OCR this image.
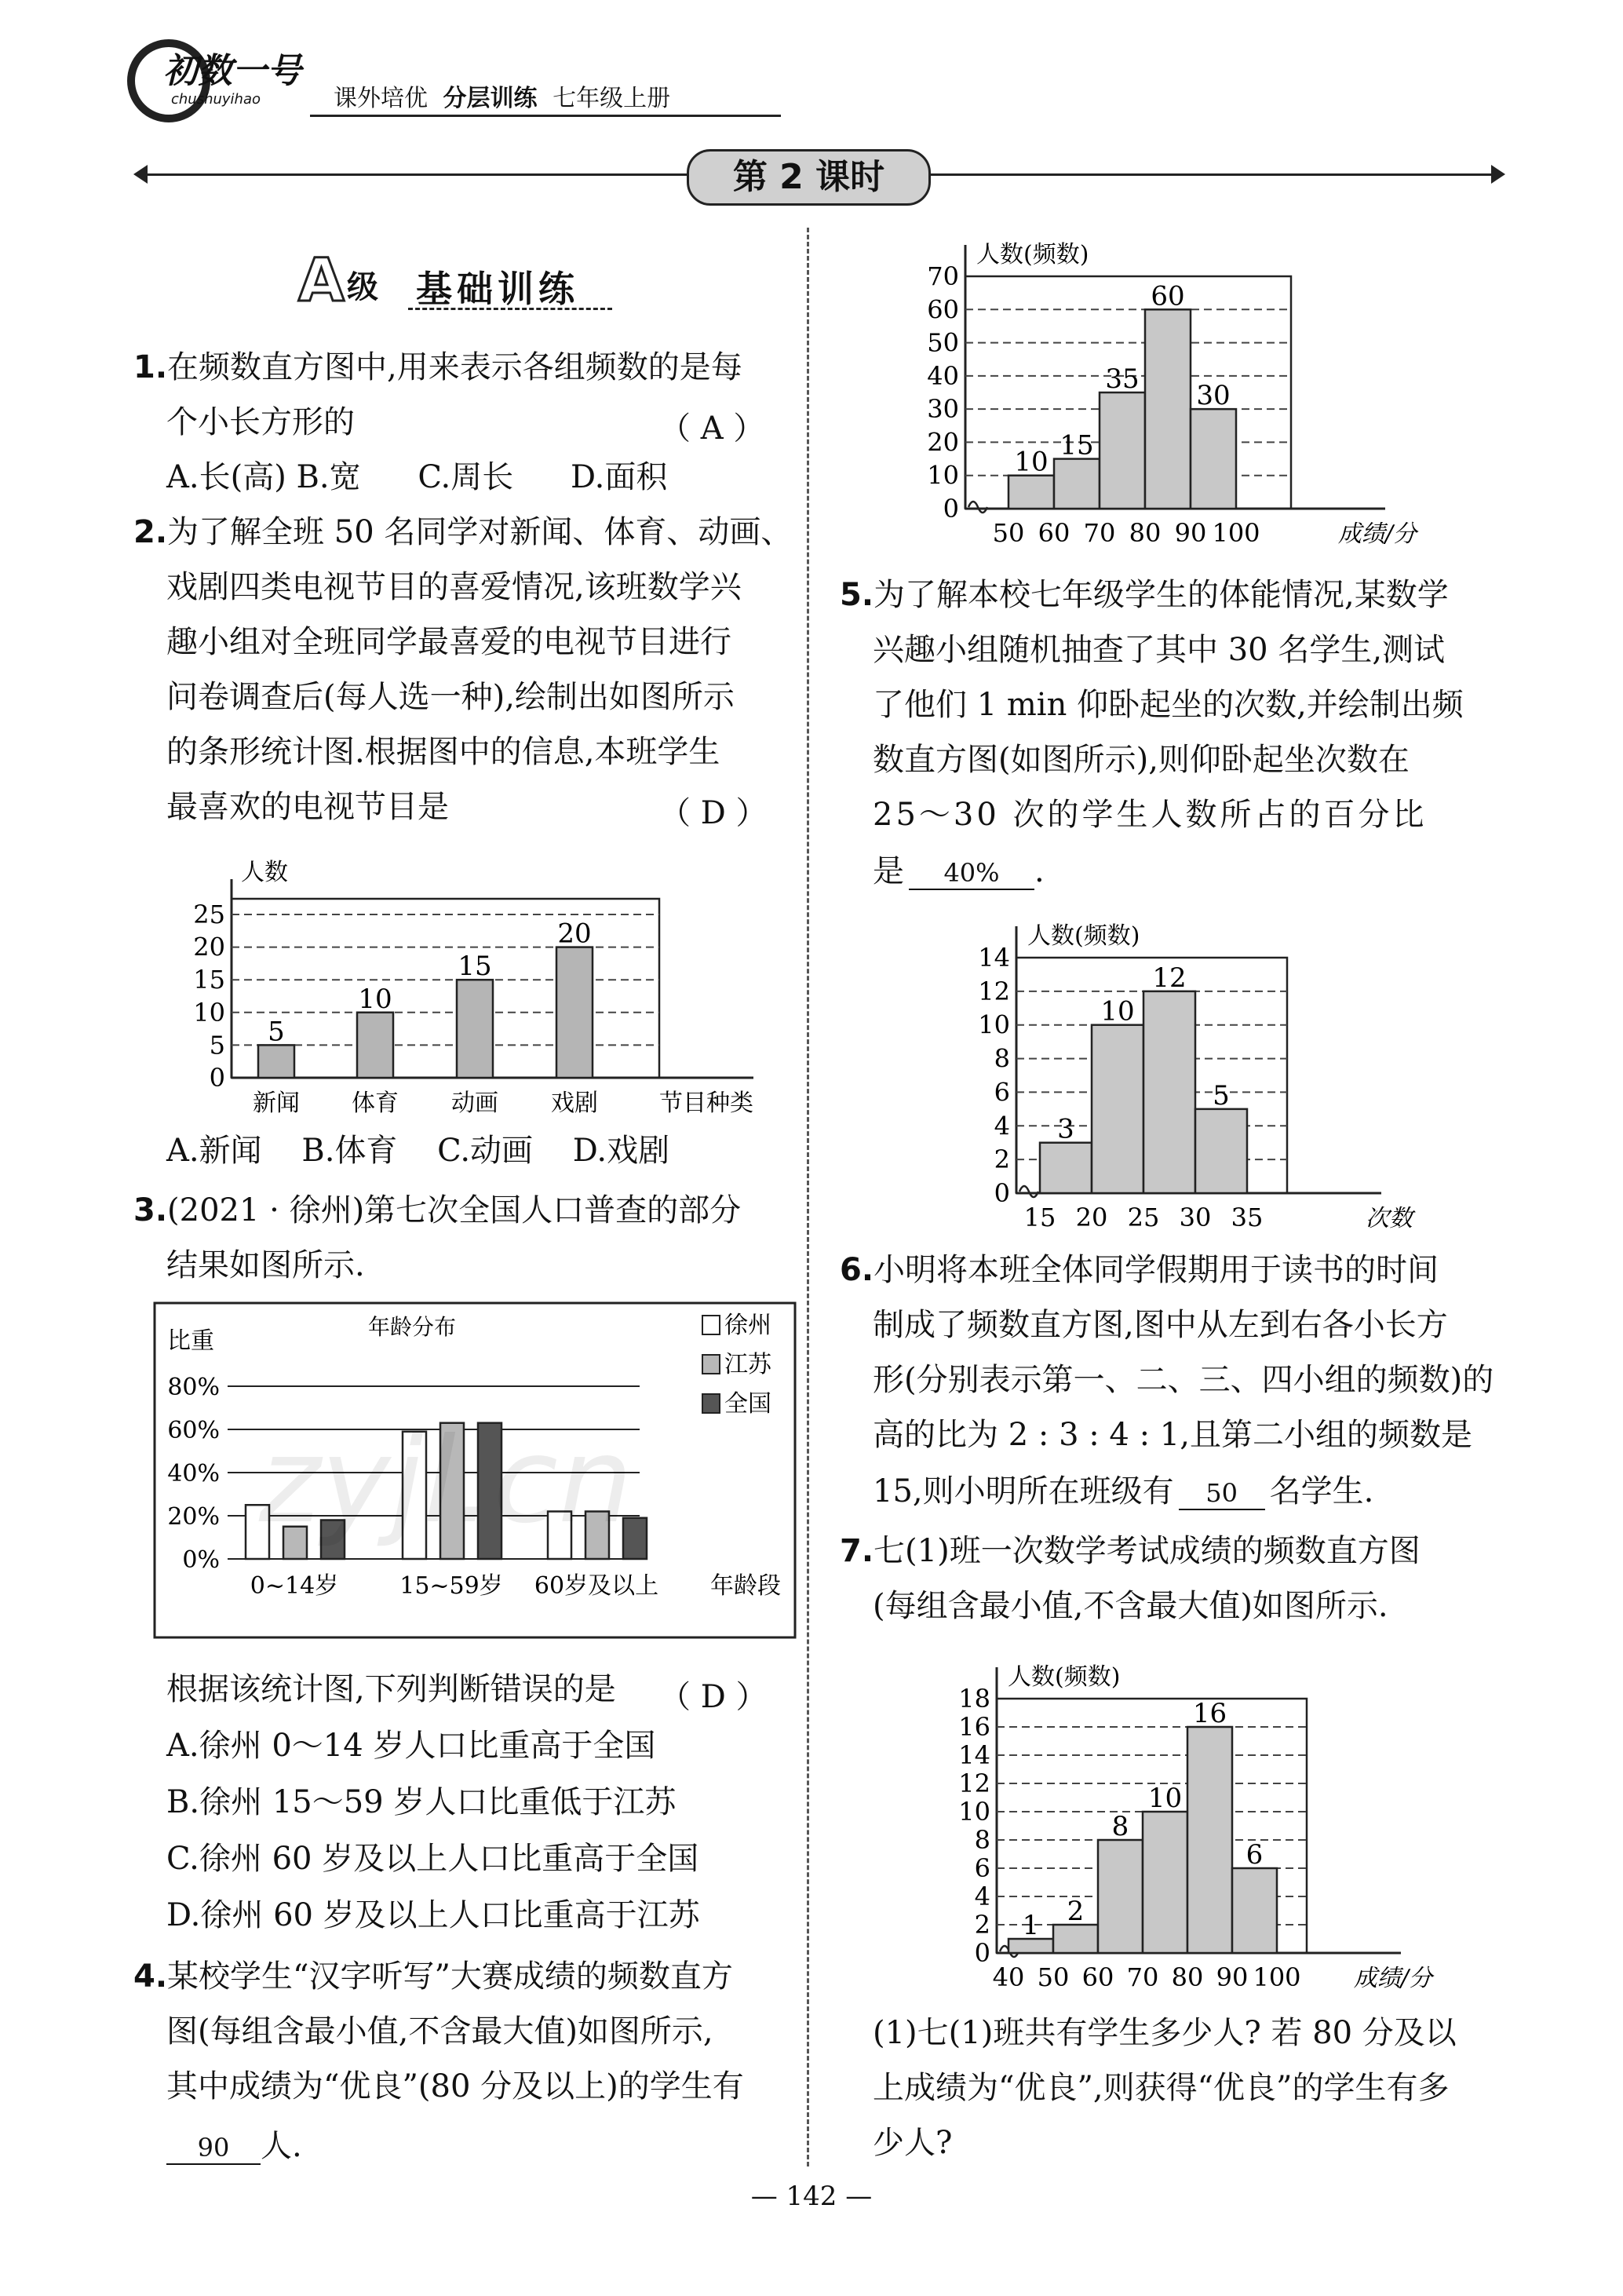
初数一号
chushuyihao	课外培优 分层训练 七年级上册
第 2 课时
A 级 基础训练
1.在频数直方图中,用来表示各组频数的是每
个小长方形的	（ A ）
A.长(高) B.宽 C.周长 D.面积
2.为了解全班 50 名同学对新闻、体育、动画、
戏剧四类电视节目的喜爱情况,该班数学兴
趣小组对全班同学最喜爱的电视节目进行
问卷调查后(每人选一种),绘制出如图所示
的条形统计图.根据图中的信息,本班学生
最喜欢的电视节目是	（ D ）
0
5
10
15
20
25
人数
5
新闻
10
体育
15
动画
20
戏剧	节目种类
A.新闻 B.体育 C.动画 D.戏剧
3.(2021 · 徐州)第七次全国人口普查的部分
结果如图所示.
0%
20%
40%
60%
80%
比重
年龄分布
0~14岁	15~59岁 60岁及以上 年龄段
徐州
江苏
全国
zyjl.cn
根据该统计图,下列判断错误的是 （ D ）
A.徐州 0～14 岁人口比重高于全国
B.徐州 15～59 岁人口比重低于江苏
C.徐州 60 岁及以上人口比重高于全国
D.徐州 60 岁及以上人口比重高于江苏
4.某校学生“汉字听写”大赛成绩的频数直方
图(每组含最小值,不含最大值)如图所示,
其中成绩为“优良”(80 分及以上)的学生有
90 人.
0
10
20
30
40
50
60
70
人数(频数)
10
15
35
60
30
50 60 70 80 90 100	成绩/分
5.为了解本校七年级学生的体能情况,某数学
兴趣小组随机抽查了其中 30 名学生,测试
了他们 1 min 仰卧起坐的次数,并绘制出频
数直方图(如图所示),则仰卧起坐次数在
25～30 次的学生人数所占的百分比
是 40% .
0
2
4
6
8
10
12
14
人数(频数)
3
10
12
5
15 20 25 30 35	次数
6.小明将本班全体同学假期用于读书的时间
制成了频数直方图,图中从左到右各小长方
形(分别表示第一、二、三、四小组的频数)的
高的比为 2 : 3 : 4 : 1,且第二小组的频数是
15,则小明所在班级有 50 名学生.
7.七(1)班一次数学考试成绩的频数直方图
(每组含最小值,不含最大值)如图所示.
0
2
4
6
8
10
12
14
16
18
人数(频数)
1 2
8
10
16
6
40 50 60 70 80 90 100 成绩/分
(1)七(1)班共有学生多少人? 若 80 分及以
上成绩为“优良”,则获得“优良”的学生有多
少人?
— 142 —
